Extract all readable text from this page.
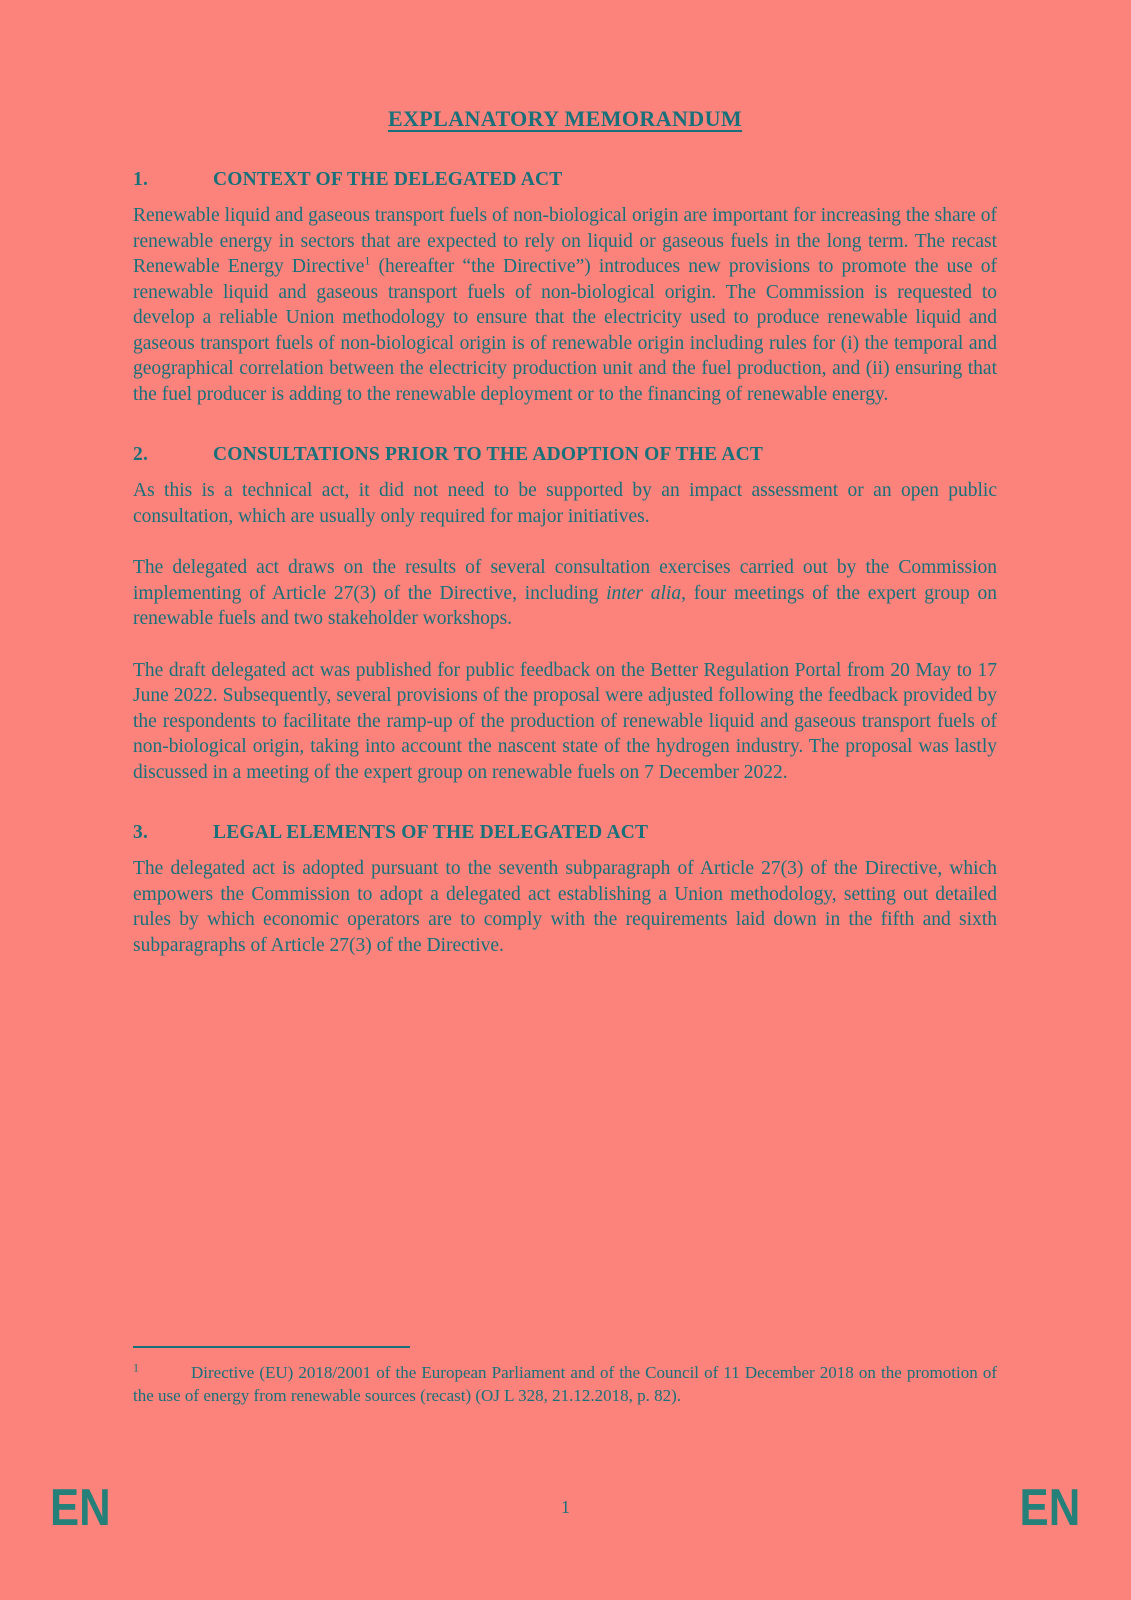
EXPLANATORY MEMORANDUM
1.	CONTEXT OF THE DELEGATED ACT

Renewable liquid and gaseous transport fuels of non-biological origin are important for increasing the share of renewable energy in sectors that are expected to rely on liquid or gaseous fuels in the long term. The recast Renewable Energy Directive$^1$ (hereafter “the Directive”) introduces new provisions to promote the use of renewable liquid and gaseous transport fuels of non-biological origin. The Commission is requested to develop a reliable Union methodology to ensure that the electricity used to produce renewable liquid and gaseous transport fuels of non-biological origin is of renewable origin including rules for (i) the temporal and geographical correlation between the electricity production unit and the fuel production, and (ii) ensuring that the fuel producer is adding to the renewable deployment or to the financing of renewable energy.

2.	CONSULTATIONS PRIOR TO THE ADOPTION OF THE ACT

As this is a technical act, it did not need to be supported by an impact assessment or an open public consultation, which are usually only required for major initiatives.

The delegated act draws on the results of several consultation exercises carried out by the Commission implementing of Article 27(3) of the Directive, including inter alia, four meetings of the expert group on renewable fuels and two stakeholder workshops.

The draft delegated act was published for public feedback on the Better Regulation Portal from 20 May to 17 June 2022. Subsequently, several provisions of the proposal were adjusted following the feedback provided by the respondents to facilitate the ramp-up of the production of renewable liquid and gaseous transport fuels of non-biological origin, taking into account the nascent state of the hydrogen industry. The proposal was lastly discussed in a meeting of the expert group on renewable fuels on 7 December 2022.

3.	LEGAL ELEMENTS OF THE DELEGATED ACT

The delegated act is adopted pursuant to the seventh subparagraph of Article 27(3) of the Directive, which empowers the Commission to adopt a delegated act establishing a Union methodology, setting out detailed rules by which economic operators are to comply with the requirements laid down in the fifth and sixth subparagraphs of Article 27(3) of the Directive.

$^1$	Directive (EU) 2018/2001 of the European Parliament and of the Council of 11 December 2018 on the promotion of the use of energy from renewable sources (recast) (OJ L 328, 21.12.2018, p. 82).

EN	1	EN
